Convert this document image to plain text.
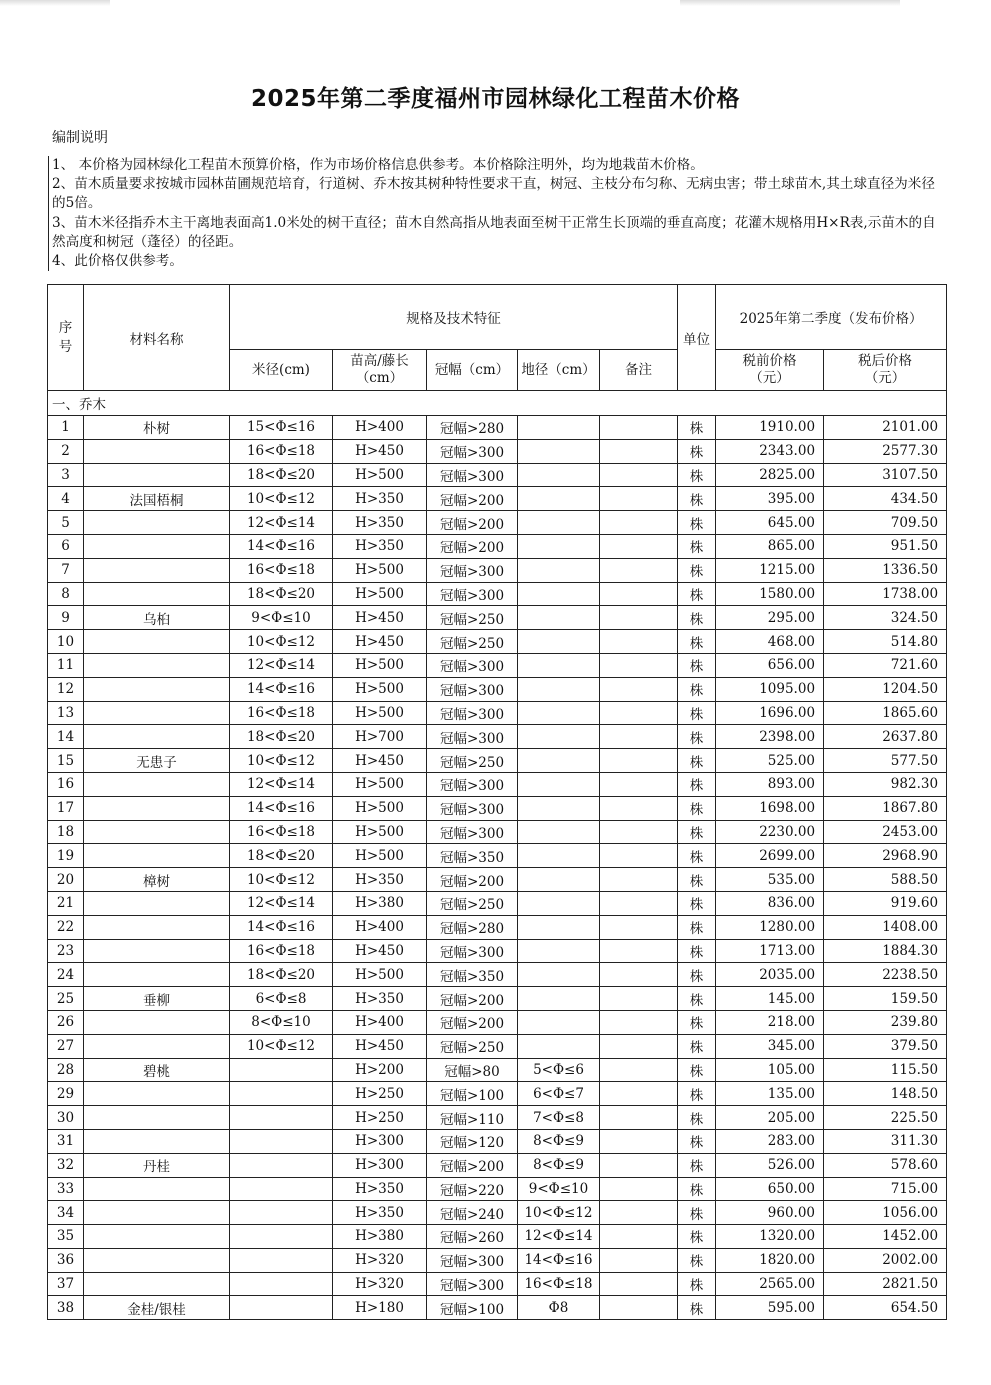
2025年第二季度福州市园林绿化工程苗木价格
编制说明
1、 本价格为园林绿化工程苗木预算价格，作为市场价格信息供参考。本价格除注明外，均为地栽苗木价格。
2、苗木质量要求按城市园林苗圃规范培育，行道树、乔木按其树种特性要求干直，树冠、主枝分布匀称、无病虫害；带土球苗木,其土球直径为米径的5倍。
3、苗木米径指乔木主干离地表面高1.0米处的树干直径；苗木自然高指从地表面至树干正常生长顶端的垂直高度；花灌木规格用H×R表,示苗木的自然高度和树冠（蓬径）的径距。
4、此价格仅供参考。
序号	材料名称	规格及技术特征					单位	2025年第二季度（发布价格）	
		米径(cm)	苗高/藤长（cm）	冠幅（cm）	地径（cm）	备注		税前价格（元）	税后价格（元）
一、乔木									
1	朴树	15<Φ≤16	H>400	冠幅>280			株	1910.00	2101.00
2		16<Φ≤18	H>450	冠幅>300			株	2343.00	2577.30
3		18<Φ≤20	H>500	冠幅>300			株	2825.00	3107.50
4	法国梧桐	10<Φ≤12	H>350	冠幅>200			株	395.00	434.50
5		12<Φ≤14	H>350	冠幅>200			株	645.00	709.50
6		14<Φ≤16	H>350	冠幅>200			株	865.00	951.50
7		16<Φ≤18	H>500	冠幅>300			株	1215.00	1336.50
8		18<Φ≤20	H>500	冠幅>300			株	1580.00	1738.00
9	乌桕	9<Φ≤10	H>450	冠幅>250			株	295.00	324.50
10		10<Φ≤12	H>450	冠幅>250			株	468.00	514.80
11		12<Φ≤14	H>500	冠幅>300			株	656.00	721.60
12		14<Φ≤16	H>500	冠幅>300			株	1095.00	1204.50
13		16<Φ≤18	H>500	冠幅>300			株	1696.00	1865.60
14		18<Φ≤20	H>700	冠幅>300			株	2398.00	2637.80
15	无患子	10<Φ≤12	H>450	冠幅>250			株	525.00	577.50
16		12<Φ≤14	H>500	冠幅>300			株	893.00	982.30
17		14<Φ≤16	H>500	冠幅>300			株	1698.00	1867.80
18		16<Φ≤18	H>500	冠幅>300			株	2230.00	2453.00
19		18<Φ≤20	H>500	冠幅>350			株	2699.00	2968.90
20	樟树	10<Φ≤12	H>350	冠幅>200			株	535.00	588.50
21		12<Φ≤14	H>380	冠幅>250			株	836.00	919.60
22		14<Φ≤16	H>400	冠幅>280			株	1280.00	1408.00
23		16<Φ≤18	H>450	冠幅>300			株	1713.00	1884.30
24		18<Φ≤20	H>500	冠幅>350			株	2035.00	2238.50
25	垂柳	6<Φ≤8	H>350	冠幅>200			株	145.00	159.50
26		8<Φ≤10	H>400	冠幅>200			株	218.00	239.80
27		10<Φ≤12	H>450	冠幅>250			株	345.00	379.50
28	碧桃		H>200	冠幅>80	5<Φ≤6		株	105.00	115.50
29			H>250	冠幅>100	6<Φ≤7		株	135.00	148.50
30			H>250	冠幅>110	7<Φ≤8		株	205.00	225.50
31			H>300	冠幅>120	8<Φ≤9		株	283.00	311.30
32	丹桂		H>300	冠幅>200	8<Φ≤9		株	526.00	578.60
33			H>350	冠幅>220	9<Φ≤10		株	650.00	715.00
34			H>350	冠幅>240	10<Φ≤12		株	960.00	1056.00
35			H>380	冠幅>260	12<Φ≤14		株	1320.00	1452.00
36			H>320	冠幅>300	14<Φ≤16		株	1820.00	2002.00
37			H>320	冠幅>300	16<Φ≤18		株	2565.00	2821.50
38	金桂/银桂		H>180	冠幅>100	Φ8		株	595.00	654.50
